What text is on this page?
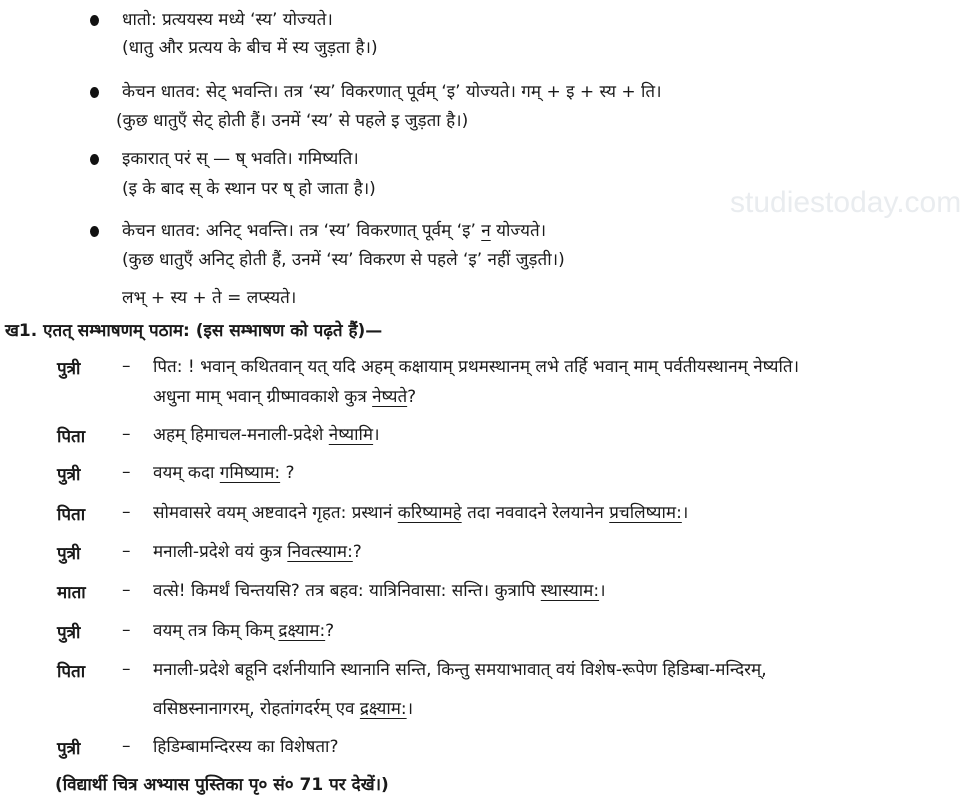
studiestoday.com
धातो: प्रत्ययस्य मध्ये ‘स्य’ योज्यते।
(धातु और प्रत्यय के बीच में स्य जुड़ता है।)
केचन धातव: सेट् भवन्ति। तत्र ‘स्य’ विकरणात् पूर्वम् ‘इ’ योज्यते। गम् + इ + स्य + ति।
(कुछ धातुएँ सेट् होती हैं। उनमें ‘स्य’ से पहले इ जुड़ता है।)
इकारात् परं स् — ष् भवति। गमिष्यति।
(इ के बाद स् के स्थान पर ष् हो जाता है।)
केचन धातव: अनिट् भवन्ति। तत्र ‘स्य’ विकरणात् पूर्वम् ‘इ’ न योज्यते।
(कुछ धातुएँ अनिट् होती हैं, उनमें ‘स्य’ विकरण से पहले ‘इ’ नहीं जुड़ती।)
लभ् + स्य + ते = लप्स्यते।
ख1. एतत् सम्भाषणम् पठाम: (इस सम्भाषण को पढ़ते हैं)—
पुत्री – पित: ! भवान् कथितवान् यत् यदि अहम् कक्षायाम् प्रथमस्थानम् लभे तर्हि भवान् माम् पर्वतीयस्थानम् नेष्यति।
अधुना माम् भवान् ग्रीष्मावकाशे कुत्र नेष्यते?
पिता – अहम् हिमाचल-मनाली-प्रदेशे नेष्यामि।
पुत्री – वयम् कदा गमिष्याम: ?
पिता – सोमवासरे वयम् अष्टवादने गृहत: प्रस्थानं करिष्यामहे तदा नववादने रेलयानेन प्रचलिष्याम:।
पुत्री – मनाली-प्रदेशे वयं कुत्र निवत्स्याम:?
माता – वत्से! किमर्थं चिन्तयसि? तत्र बहव: यात्रिनिवासा: सन्ति। कुत्रापि स्थास्याम:।
पुत्री – वयम् तत्र किम् किम् द्रक्ष्याम:?
पिता – मनाली-प्रदेशे बहूनि दर्शनीयानि स्थानानि सन्ति, किन्तु समयाभावात् वयं विशेष-रूपेण हिडिम्बा-मन्दिरम्,
वसिष्ठस्नानागरम्, रोहतांगदर्रम् एव द्रक्ष्याम:।
पुत्री – हिडिम्बामन्दिरस्य का विशेषता?
(विद्यार्थी चित्र अभ्यास पुस्तिका पृ० सं० 71 पर देखें।)
